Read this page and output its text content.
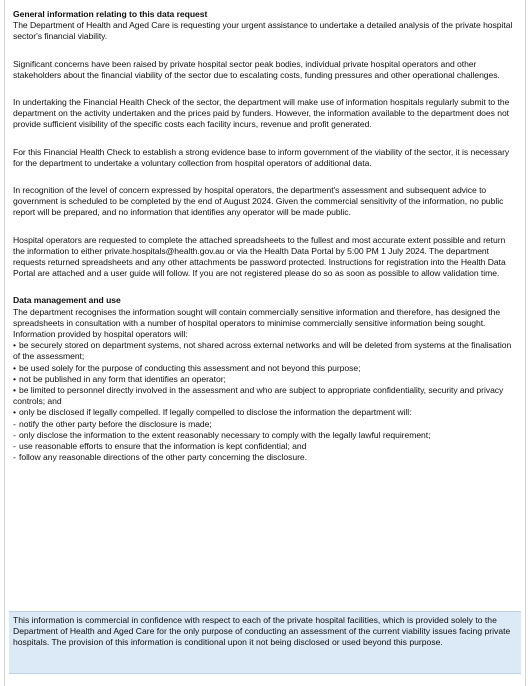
General information relating to this data request

The Department of Health and Aged Care is requesting your urgent assistance to undertake a detailed analysis of the private hospital sector's financial viability.

Significant concerns have been raised by private hospital sector peak bodies, individual private hospital operators and other stakeholders about the financial viability of the sector due to escalating costs, funding pressures and other operational challenges.

In undertaking the Financial Health Check of the sector, the department will make use of information hospitals regularly submit to the department on the activity undertaken and the prices paid by funders. However, the information available to the department does not provide sufficient visibility of the specific costs each facility incurs, revenue and profit generated.

For this Financial Health Check to establish a strong evidence base to inform government of the viability of the sector, it is necessary for the department to undertake a voluntary collection from hospital operators of additional data.

In recognition of the level of concern expressed by hospital operators, the department's assessment and subsequent advice to government is scheduled to be completed by the end of August 2024. Given the commercial sensitivity of the information, no public report will be prepared, and no information that identifies any operator will be made public.

Hospital operators are requested to complete the attached spreadsheets to the fullest and most accurate extent possible and return the information to either private.hospitals@health.gov.au or via the Health Data Portal by 5:00 PM 1 July 2024. The department requests returned spreadsheets and any other attachments be password protected. Instructions for registration into the Health Data Portal are attached and a user guide will follow. If you are not registered please do so as soon as possible to allow validation time.

Data management and use

The department recognises the information sought will contain commercially sensitive information and therefore, has designed the spreadsheets in consultation with a number of hospital operators to minimise commercially sensitive information being sought. Information provided by hospital operators will:

• be securely stored on department systems, not shared across external networks and will be deleted from systems at the finalisation of the assessment;
• be used solely for the purpose of conducting this assessment and not beyond this purpose;
• not be published in any form that identifies an operator;
• be limited to personnel directly involved in the assessment and who are subject to appropriate confidentiality, security and privacy controls; and
• only be disclosed if legally compelled. If legally compelled to disclose the information the department will:
- notify the other party before the disclosure is made;
- only disclose the information to the extent reasonably necessary to comply with the legally lawful requirement;
- use reasonable efforts to ensure that the information is kept confidential; and
- follow any reasonable directions of the other party concerning the disclosure.
This information is commercial in confidence with respect to each of the private hospital facilities, which is provided solely to the Department of Health and Aged Care for the only purpose of conducting an assessment of the current viability issues facing private hospitals. The provision of this information is conditional upon it not being disclosed or used beyond this purpose.
